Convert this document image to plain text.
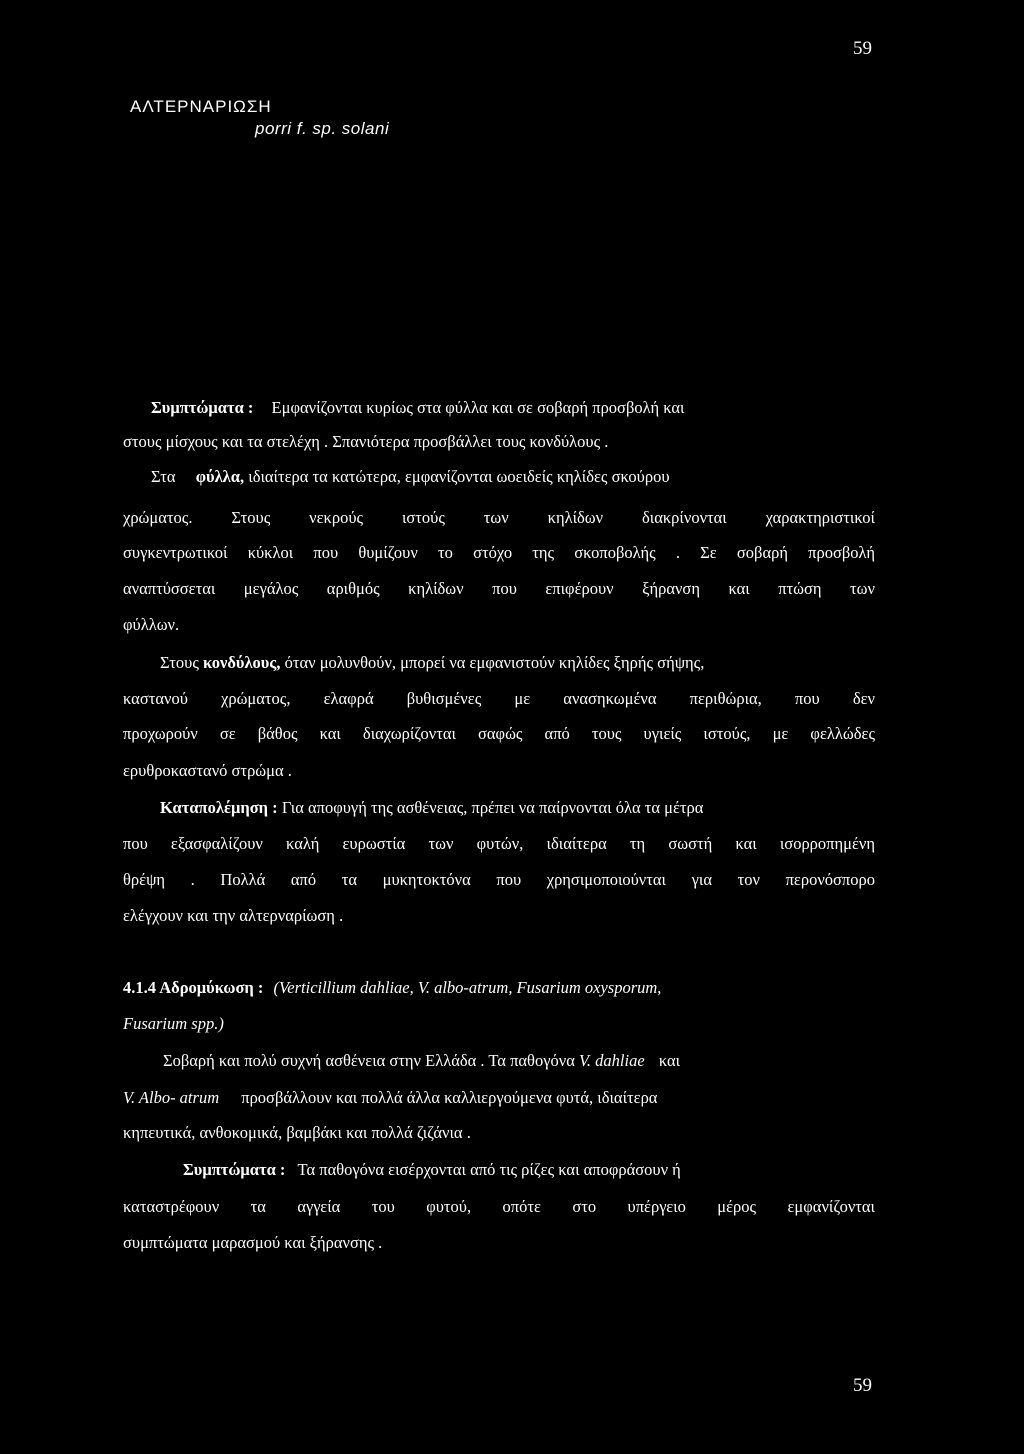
59
ΑΛΤΕΡΝΑΡΙΩΣΗ
porri f. sp. solani
Συμπτώματα : Εμφανίζονται κυρίως στα φύλλα και σε σοβαρή προσβολή και
στους μίσχους και τα στελέχη . Σπανιότερα προσβάλλει τους κονδύλους .
Στα φύλλα, ιδιαίτερα τα κατώτερα, εμφανίζονται ωοειδείς κηλίδες σκούρου
χρώματος. Στους νεκρούς ιστούς των κηλίδων διακρίνονται χαρακτηριστικοί
συγκεντρωτικοί κύκλοι που θυμίζουν το στόχο της σκοποβολής . Σε σοβαρή προσβολή
αναπτύσσεται μεγάλος αριθμός κηλίδων που επιφέρουν ξήρανση και πτώση των
φύλλων.
Στους κονδύλους, όταν μολυνθούν, μπορεί να εμφανιστούν κηλίδες ξηρής σήψης,
καστανού χρώματος, ελαφρά βυθισμένες με ανασηκωμένα περιθώρια, που δεν
προχωρούν σε βάθος και διαχωρίζονται σαφώς από τους υγιείς ιστούς, με φελλώδες
ερυθροκαστανό στρώμα .
Καταπολέμηση : Για αποφυγή της ασθένειας, πρέπει να παίρνονται όλα τα μέτρα
που εξασφαλίζουν καλή ευρωστία των φυτών, ιδιαίτερα τη σωστή και ισορροπημένη
θρέψη . Πολλά από τα μυκητοκτόνα που χρησιμοποιούνται για τον περονόσπορο
ελέγχουν και την αλτερναρίωση .
4.1.4 Αδρομύκωση : (Verticillium dahliae, V. albo-atrum, Fusarium oxysporum,
Fusarium spp.)
Σοβαρή και πολύ συχνή ασθένεια στην Ελλάδα . Τα παθογόνα V. dahliae και
V. Albo- atrum προσβάλλουν και πολλά άλλα καλλιεργούμενα φυτά, ιδιαίτερα
κηπευτικά, ανθοκομικά, βαμβάκι και πολλά ζιζάνια .
Συμπτώματα : Τα παθογόνα εισέρχονται από τις ρίζες και αποφράσουν ή
καταστρέφουν τα αγγεία του φυτού, οπότε στο υπέργειο μέρος εμφανίζονται
συμπτώματα μαρασμού και ξήρανσης .
59
